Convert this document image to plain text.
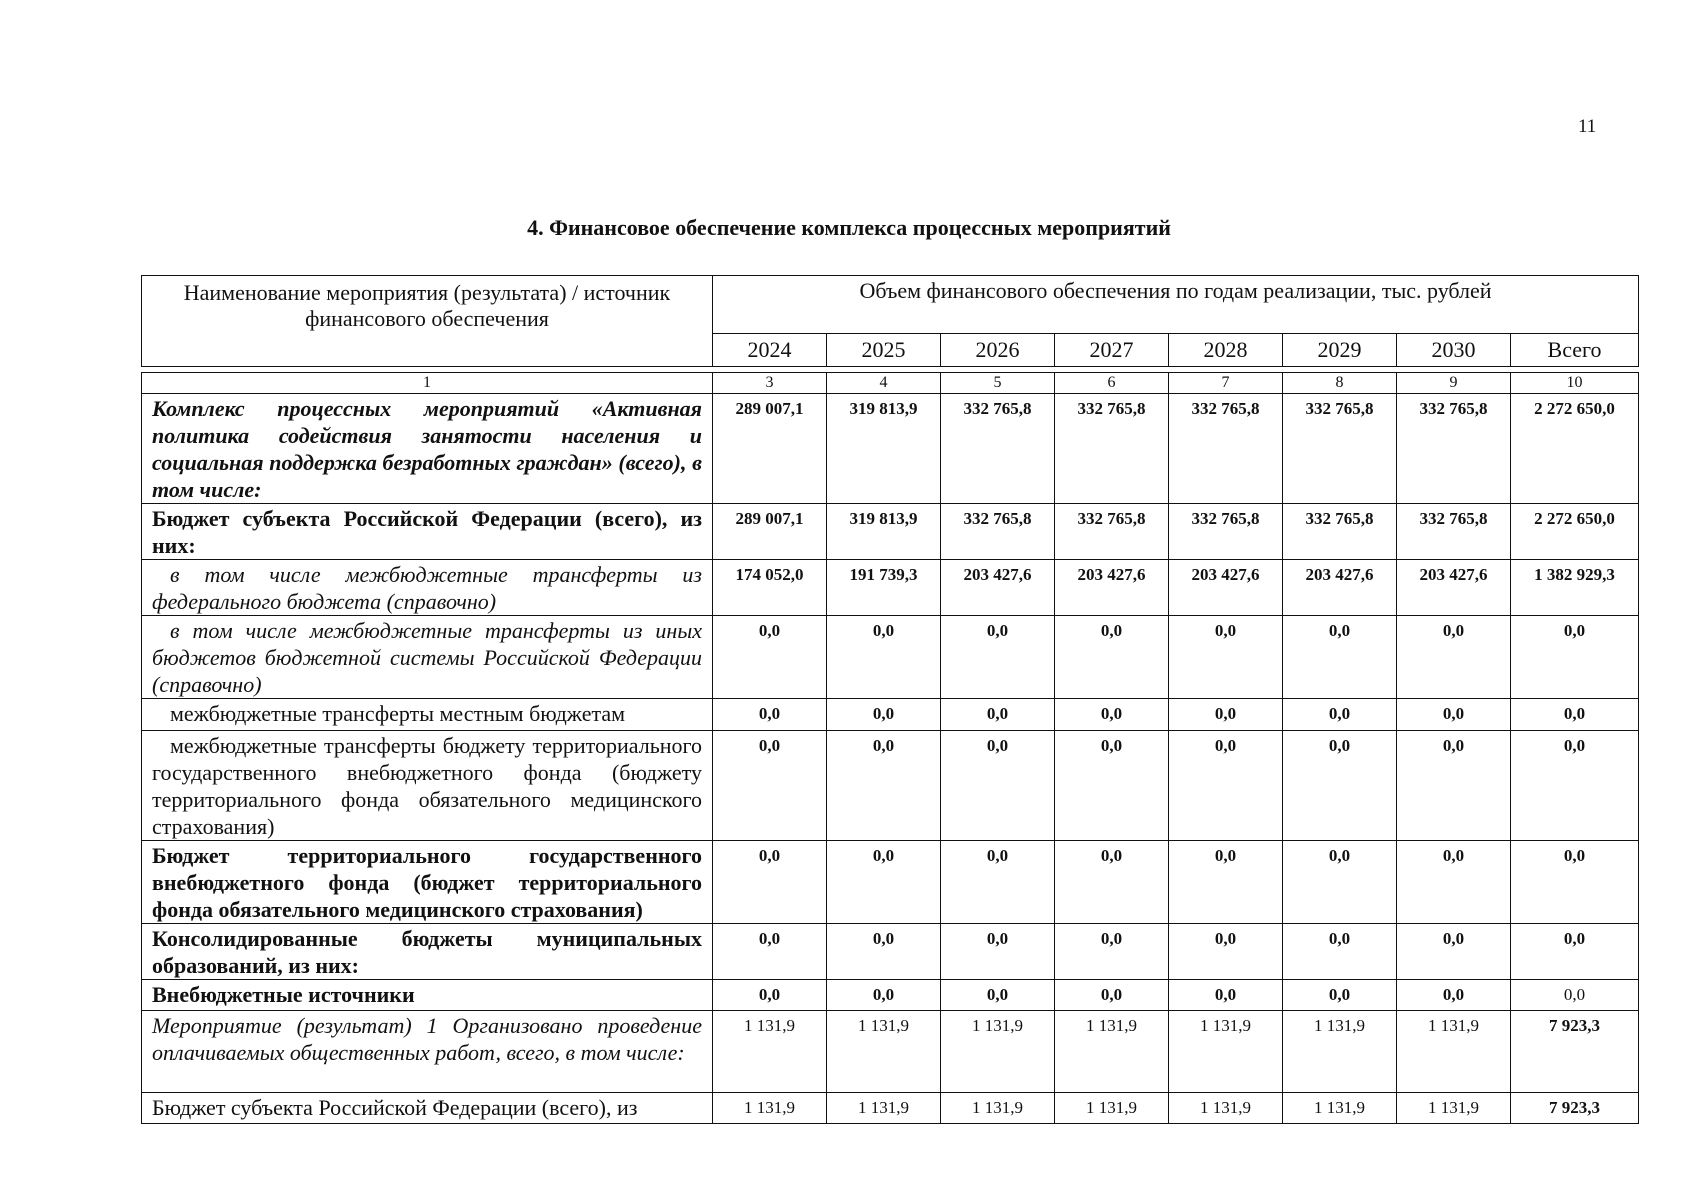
11
4. Финансовое обеспечение комплекса процессных мероприятий
Наименование мероприятия (результата) / источник финансового обеспечения	Объем финансового обеспечения по годам реализации, тыс. рублей							
	2024	2025	2026	2027	2028	2029	2030	Всего
1	3	4	5	6	7	8	9	10
Комплекс процессных мероприятий «Активная политика содействия занятости населения и социальная поддержка безработных граждан» (всего), в том числе:	289 007,1	319 813,9	332 765,8	332 765,8	332 765,8	332 765,8	332 765,8	2 272 650,0
Бюджет субъекта Российской Федерации (всего), из них:	289 007,1	319 813,9	332 765,8	332 765,8	332 765,8	332 765,8	332 765,8	2 272 650,0
в том числе межбюджетные трансферты из федерального бюджета (справочно)	174 052,0	191 739,3	203 427,6	203 427,6	203 427,6	203 427,6	203 427,6	1 382 929,3
в том числе межбюджетные трансферты из иных бюджетов бюджетной системы Российской Федерации (справочно)	0,0	0,0	0,0	0,0	0,0	0,0	0,0	0,0
межбюджетные трансферты местным бюджетам	0,0	0,0	0,0	0,0	0,0	0,0	0,0	0,0
межбюджетные трансферты бюджету территориального государственного внебюджетного фонда (бюджету территориального фонда обязательного медицинского страхования)	0,0	0,0	0,0	0,0	0,0	0,0	0,0	0,0
Бюджет территориального государственного внебюджетного фонда (бюджет территориального фонда обязательного медицинского страхования)	0,0	0,0	0,0	0,0	0,0	0,0	0,0	0,0
Консолидированные бюджеты муниципальных образований, из них:	0,0	0,0	0,0	0,0	0,0	0,0	0,0	0,0
Внебюджетные источники	0,0	0,0	0,0	0,0	0,0	0,0	0,0	0,0
Мероприятие (результат) 1 Организовано проведение оплачиваемых общественных работ, всего, в том числе:	1 131,9	1 131,9	1 131,9	1 131,9	1 131,9	1 131,9	1 131,9	7 923,3
Бюджет субъекта Российской Федерации (всего), из	1 131,9	1 131,9	1 131,9	1 131,9	1 131,9	1 131,9	1 131,9	7 923,3
